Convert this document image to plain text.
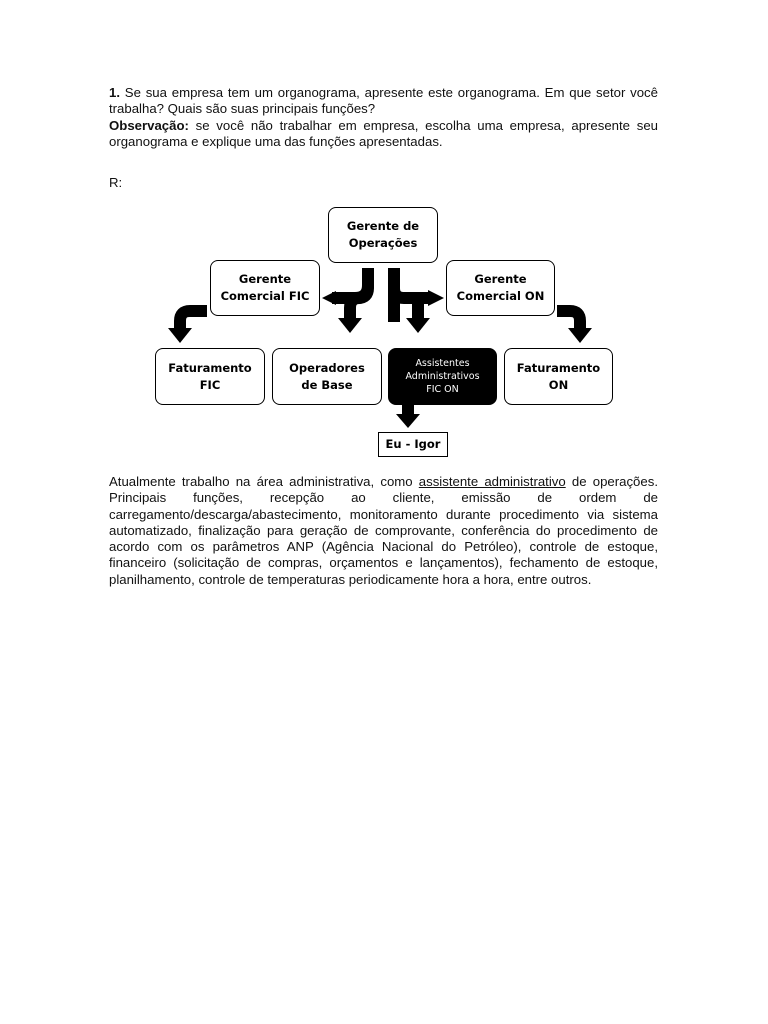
1. Se sua empresa tem um organograma, apresente este organograma. Em que setor você trabalha? Quais são suas principais funções?
Observação: se você não trabalhar em empresa, escolha uma empresa, apresente seu organograma e explique uma das funções apresentadas.
R:
Gerente de
Operações
Gerente
Comercial FIC
Gerente
Comercial ON
Faturamento
FIC
Operadores
de Base
Assistentes
Administrativos
FIC ON
Faturamento
ON
Eu - Igor
Atualmente trabalho na área administrativa, como assistente administrativo de operações. Principais funções, recepção ao cliente, emissão de ordem de carregamento/descarga/abastecimento, monitoramento durante procedimento via sistema automatizado, finalização para geração de comprovante, conferência do procedimento de acordo com os parâmetros ANP (Agência Nacional do Petróleo), controle de estoque, financeiro (solicitação de compras, orçamentos e lançamentos), fechamento de estoque, planilhamento, controle de temperaturas periodicamente hora a hora, entre outros.
